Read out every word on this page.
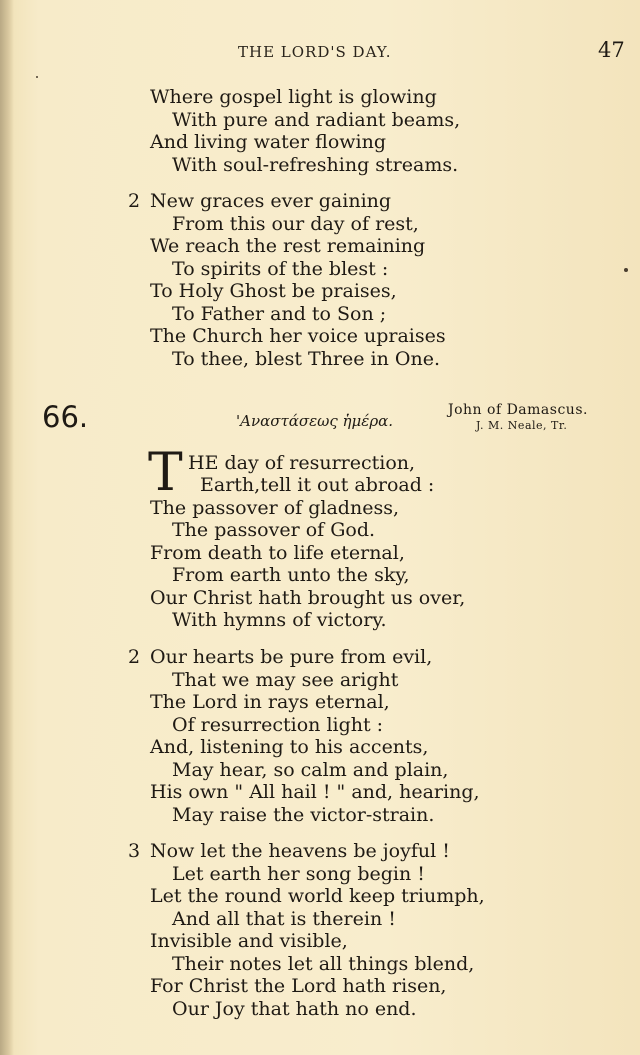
THE LORD'S DAY.	47
Where gospel light is glowing
With pure and radiant beams,
And living water flowing
With soul-refreshing streams.
2 New graces ever gaining
From this our day of rest,
We reach the rest remaining
To spirits of the blest :
To Holy Ghost be praises,
To Father and to Son ;
The Church her voice upraises
To thee, blest Three in One.
66.	'Αναστάσεως ἡμέρα.
John of Damascus.
J. M. Neale, Tr.
T HE day of resurrection,
Earth,tell it out abroad :
The passover of gladness,
The passover of God.
From death to life eternal,
From earth unto the sky,
Our Christ hath brought us over,
With hymns of victory.
2 Our hearts be pure from evil,
That we may see aright
The Lord in rays eternal,
Of resurrection light :
And, listening to his accents,
May hear, so calm and plain,
His own " All hail ! " and, hearing,
May raise the victor-strain.
3 Now let the heavens be joyful !
Let earth her song begin !
Let the round world keep triumph,
And all that is therein !
Invisible and visible,
Their notes let all things blend,
For Christ the Lord hath risen,
Our Joy that hath no end.
